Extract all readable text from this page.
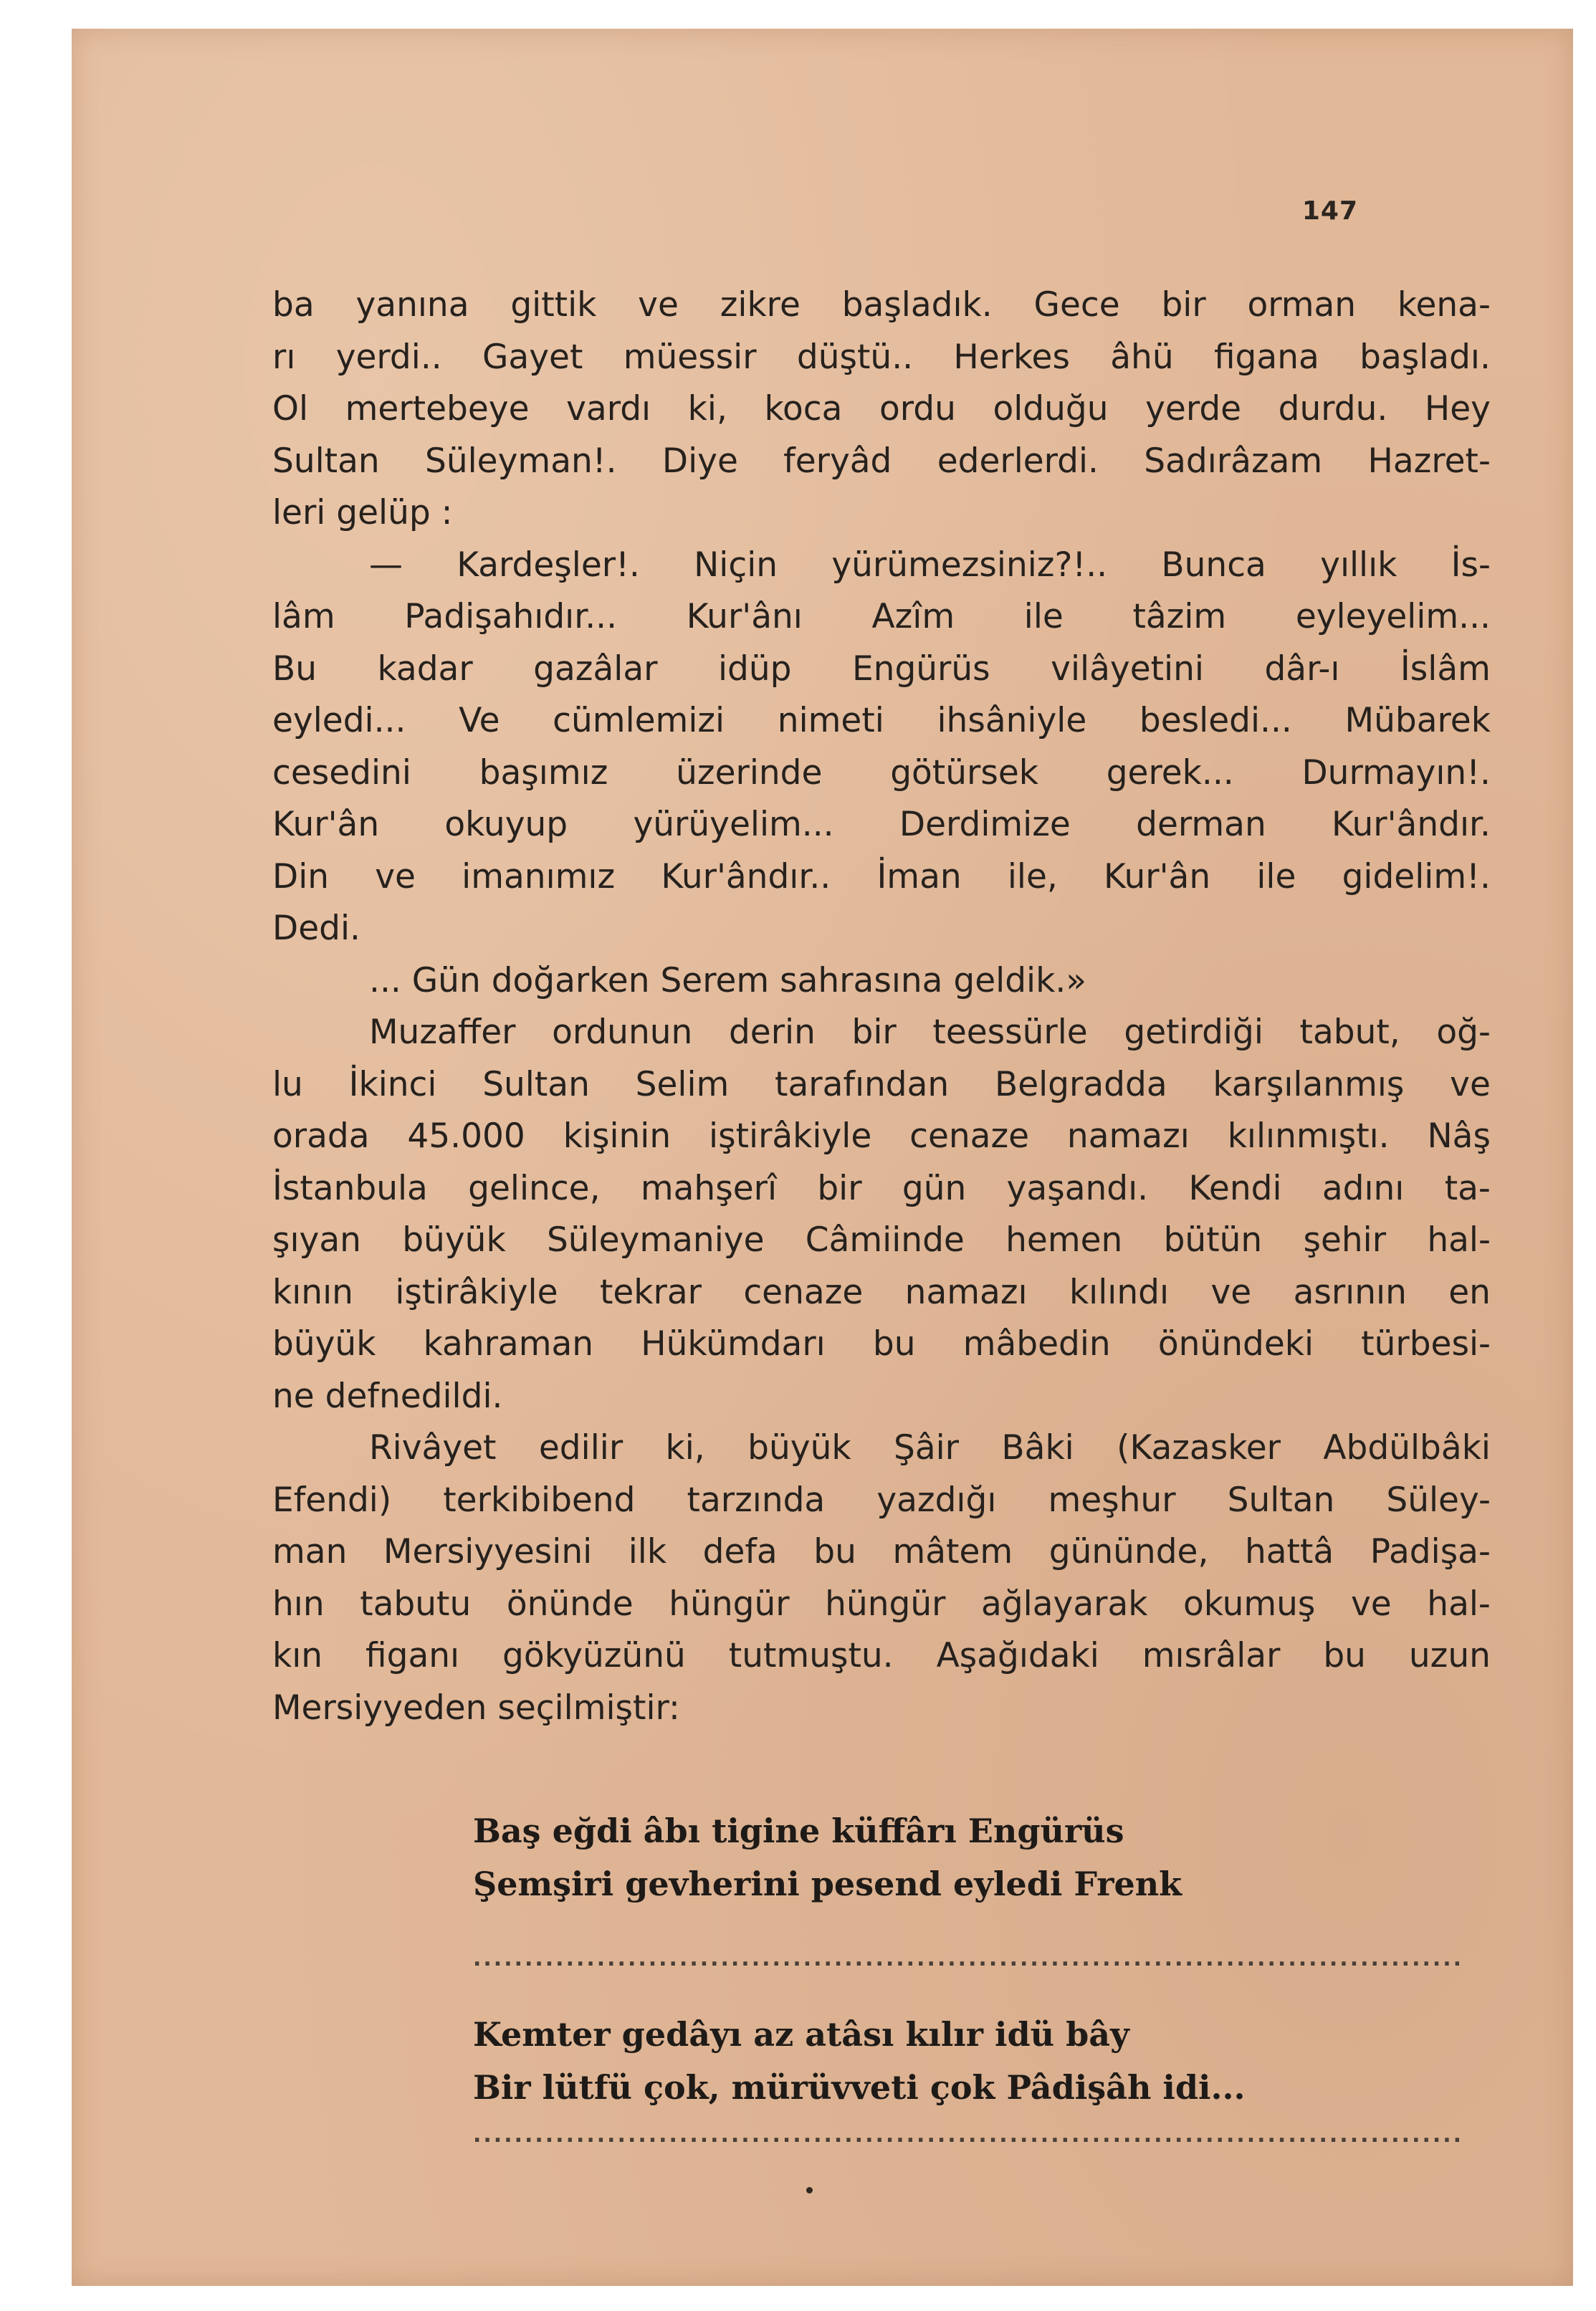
147
ba yanına gittik ve zikre başladık. Gece bir orman kena-
rı yerdi.. Gayet müessir düştü.. Herkes âhü figana başladı.
Ol mertebeye vardı ki, koca ordu olduğu yerde durdu. Hey
Sultan Süleyman!. Diye feryâd ederlerdi. Sadırâzam Hazret-
leri gelüp :
— Kardeşler!. Niçin yürümezsiniz?!.. Bunca yıllık İs-
lâm Padişahıdır... Kur'ânı Azîm ile tâzim eyleyelim...
Bu kadar gazâlar idüp Engürüs vilâyetini dâr-ı İslâm
eyledi... Ve cümlemizi nimeti ihsâniyle besledi... Mübarek
cesedini başımız üzerinde götürsek gerek... Durmayın!.
Kur'ân okuyup yürüyelim... Derdimize derman Kur'ândır.
Din ve imanımız Kur'ândır.. İman ile, Kur'ân ile gidelim!.
Dedi.
... Gün doğarken Serem sahrasına geldik.»
Muzaffer ordunun derin bir teessürle getirdiği tabut, oğ-
lu İkinci Sultan Selim tarafından Belgradda karşılanmış ve
orada 45.000 kişinin iştirâkiyle cenaze namazı kılınmıştı. Nâş
İstanbula gelince, mahşerî bir gün yaşandı. Kendi adını ta-
şıyan büyük Süleymaniye Câmiinde hemen bütün şehir hal-
kının iştirâkiyle tekrar cenaze namazı kılındı ve asrının en
büyük kahraman Hükümdarı bu mâbedin önündeki türbesi-
ne defnedildi.
Rivâyet edilir ki, büyük Şâir Bâki (Kazasker Abdülbâki
Efendi) terkibibend tarzında yazdığı meşhur Sultan Süley-
man Mersiyyesini ilk defa bu mâtem gününde, hattâ Padişa-
hın tabutu önünde hüngür hüngür ağlayarak okumuş ve hal-
kın figanı gökyüzünü tutmuştu. Aşağıdaki mısrâlar bu uzun
Mersiyyeden seçilmiştir:
Baş eğdi âbı tigine küffârı Engürüs
Şemşiri gevherini pesend eyledi Frenk
................................................................................................
Kemter gedâyı az atâsı kılır idü bây
Bir lütfü çok, mürüvveti çok Pâdişâh idi...
................................................................................................
